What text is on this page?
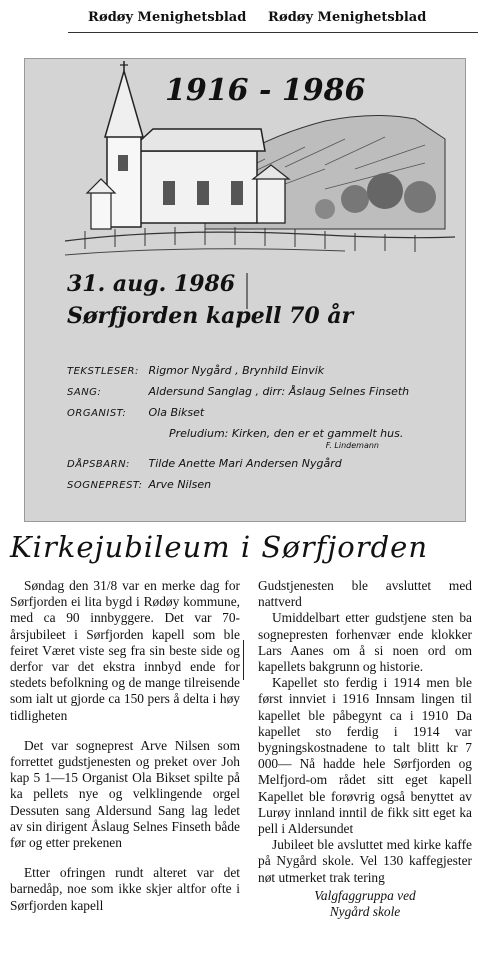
Rødøy Menighetsblad Rødøy Menighetsblad
1916 - 1986
31. aug. 1986
Sørfjorden kapell 70 år
TEKSTLESER: Rigmor Nygård , Brynhild Einvik
SANG:	Aldersund Sanglag , dirr: Åslaug Selnes Finseth
ORGANIST: Ola Bikset
Preludium: Kirken, den er et gammelt hus.
F. Lindemann
DÅPSBARN: Tilde Anette Mari Andersen Nygård
SOGNEPREST: Arve Nilsen
Kirkejubileum i Sørfjorden

Søndag den 31/8 var en merke dag for Sørfjorden ei lita bygd i Rødøy kommune, med ca 90 innbyggere. Det var 70-årsjubileet i Sørfjorden kapell som ble feiret Været viste seg fra sin beste side og derfor var det ekstra innbyd ende for stedets befolkning og de mange tilreisende som ialt ut gjorde ca 150 pers å delta i høy tidligheten

Det var sogneprest Arve Nilsen som forrettet gudstjenesten og preket over Joh kap 5 1—15 Organist Ola Bikset spilte på ka pellets nye og velklingende orgel Dessuten sang Aldersund Sang lag ledet av sin dirigent Åslaug Selnes Finseth både før og etter prekenen

Etter ofringen rundt alteret var det barnedåp, noe som ikke skjer altfor ofte i Sørfjorden kapell

Gudstjenesten ble avsluttet med nattverd

Umiddelbart etter gudstjene sten ba sognepresten forhenvær ende klokker Lars Aanes om å si noen ord om kapellets bakgrunn og historie.

Kapellet sto ferdig i 1914 men ble først innviet i 1916 Innsam lingen til kapellet ble påbegynt ca i 1910 Da kapellet sto ferdig i 1914 var bygningskostnadene to talt blitt kr 7 000— Nå hadde hele Sørfjorden og Melfjord-om rådet sitt eget kapell Kapellet ble forøvrig også benyttet av Lurøy innland inntil de fikk sitt eget ka pell i Aldersundet

Jubileet ble avsluttet med kirke kaffe på Nygård skole. Vel 130 kaffegjester nøt utmerket trak tering

Valgfaggruppa ved

Nygård skole
